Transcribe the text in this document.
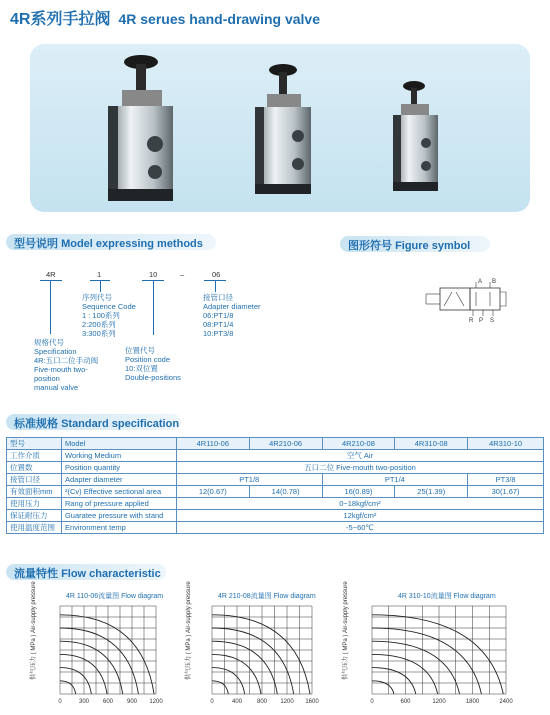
4R系列手拉阀 4R serues hand-drawing valve
型号说明 Model expressing methods
4R	1	10	–	06
序列代号
Sequence Code
1 : 100系列
2:200系列
3:300系列
接管口径
Adapter diameter
06:PT1/8
08:PT1/4
10:PT3/8
位置代号
Position code
10:双位置
Double-positions
规格代号
Specification
4R:五口二位手动阀
Five-mouth two-
position
manual valve
图形符号 Figure symbol
A B
R P S
标准规格 Standard specification
型号	Model	4R110-06	4R210-06	4R210-08	4R310-08	4R310-10
工作介质	Working Medium	空气 Air				
位置数	Position quantity	五口二位 Five-mouth two-position				
接管口径	Adapter diameter	PT1/8		PT1/4		PT3/8
有效面积mm	²(Cv) Effective sectional area	12(0.67)	14(0.78)	16(0.89)	25(1.39)	30(1.67)
使用压力	Rang of pressure applied	0~18kgf/cm²				
保证耐压力	Guaratee pressure with stand	12kgf/cm²				
使用温度范围	Environment temp	-5~60℃				
流量特性 Flow characteristic
4R 110-06流量图 Flow diagram	4R 210-08流量图 Flow diagram	4R 310-10流量图 Flow diagram
供气压力 ( MPa ) Air-supply pressure
供气压力 ( MPa ) Air-supply pressure
供气压力 ( MPa ) Air-supply pressure
0	300 600 900 1200	0	400 800 1200 1600	0	600	1200	1800	2400
